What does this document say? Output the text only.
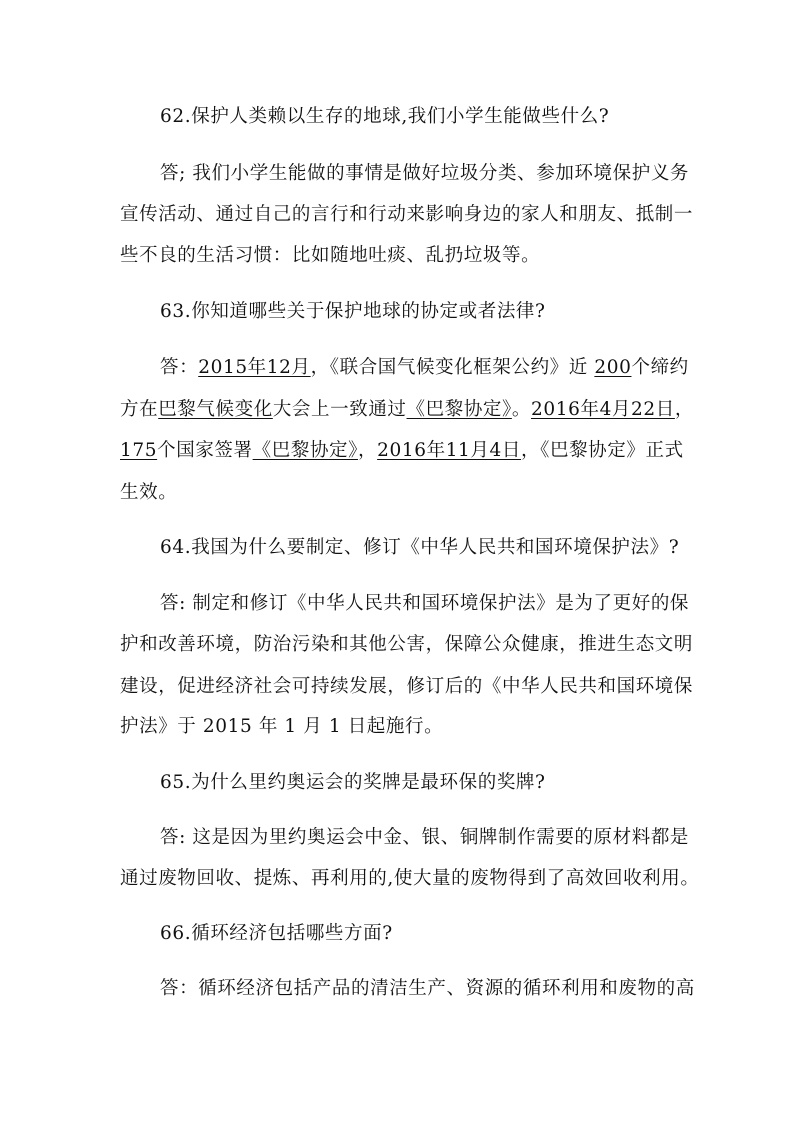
62.保护人类赖以生存的地球,我们小学生能做些什么?
答; 我们小学生能做的事情是做好垃圾分类、参加环境保护义务
宣传活动、通过自己的言行和行动来影响身边的家人和朋友、抵制一
些不良的生活习惯：比如随地吐痰、乱扔垃圾等。
63.你知道哪些关于保护地球的协定或者法律?
答：2015年12月，《联合国气候变化框架公约》近 200个缔约
方在巴黎气候变化大会上一致通过《巴黎协定》。2016年4月22日，
175个国家签署《巴黎协定》，2016年11月4日，《巴黎协定》正式
生效。
64.我国为什么要制定、修订《中华人民共和国环境保护法》?
答: 制定和修订《中华人民共和国环境保护法》是为了更好的保
护和改善环境，防治污染和其他公害，保障公众健康，推进生态文明
建设，促进经济社会可持续发展，修订后的《中华人民共和国环境保
护法》于 2015 年 1 月 1 日起施行。
65.为什么里约奥运会的奖牌是最环保的奖牌?
答: 这是因为里约奥运会中金、银、铜牌制作需要的原材料都是
通过废物回收、提炼、再利用的,使大量的废物得到了高效回收利用。
66.循环经济包括哪些方面?
答：循环经济包括产品的清洁生产、资源的循环利用和废物的高
